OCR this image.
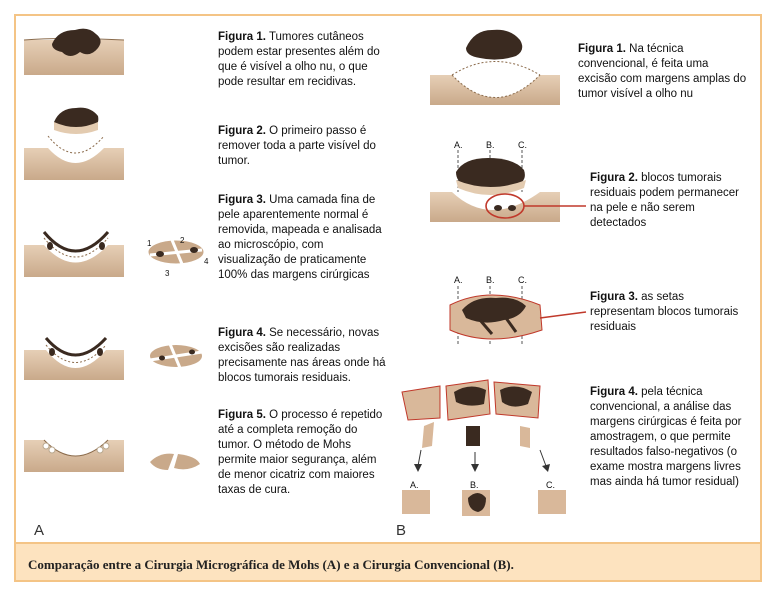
Comparação entre a Cirurgia Micrográfica de Mohs (A) e a Cirurgia Convencional (B).
1	2
3
4
A.	B.	C.
A.	B.	C.
A.	B.	C.
A	B
Figura 1. Tumores cutâneos podem estar presentes além do que é visível a olho nu, o que pode resultar em recidivas.
Figura 2. O primeiro passo é remover toda a parte visível do tumor.
Figura 3. Uma camada fina de pele aparentemente normal é removida, mapeada e analisada ao microscópio, com visualização de praticamente 100% das margens cirúrgicas
Figura 4. Se necessário, novas excisões são realizadas precisamente nas áreas onde há blocos tumorais residuais.
Figura 5. O processo é repetido até a completa remoção do tumor. O método de Mohs permite maior segurança, além de menor cicatriz com maiores taxas de cura.
Figura 1. Na técnica convencional, é feita uma excisão com margens amplas do tumor visível a olho nu
Figura 2. blocos tumorais residuais podem permanecer na pele e não serem detectados
Figura 3. as setas representam blocos tumorais residuais
Figura 4. pela técnica convencional, a análise das margens cirúrgicas é feita por amostragem, o que permite resultados falso-negativos (o exame mostra margens livres mas ainda há tumor residual)
